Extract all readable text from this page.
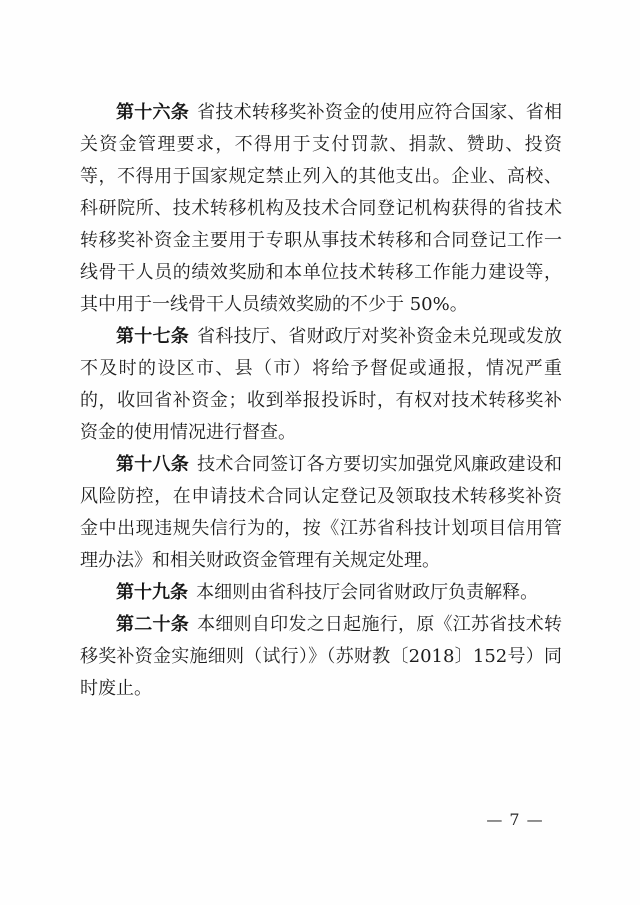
第十六条 省技术转移奖补资金的使用应符合国家、省相关资金管理要求，不得用于支付罚款、捐款、赞助、投资等，不得用于国家规定禁止列入的其他支出。企业、高校、科研院所、技术转移机构及技术合同登记机构获得的省技术转移奖补资金主要用于专职从事技术转移和合同登记工作一线骨干人员的绩效奖励和本单位技术转移工作能力建设等，其中用于一线骨干人员绩效奖励的不少于 50%。

第十七条 省科技厅、省财政厅对奖补资金未兑现或发放不及时的设区市、县（市）将给予督促或通报，情况严重的，收回省补资金；收到举报投诉时，有权对技术转移奖补资金的使用情况进行督查。

第十八条 技术合同签订各方要切实加强党风廉政建设和风险防控，在申请技术合同认定登记及领取技术转移奖补资金中出现违规失信行为的，按《江苏省科技计划项目信用管理办法》和相关财政资金管理有关规定处理。

第十九条 本细则由省科技厅会同省财政厅负责解释。

第二十条 本细则自印发之日起施行，原《江苏省技术转移奖补资金实施细则（试行）》（苏财教〔2018〕152号）同时废止。

— 7 —
